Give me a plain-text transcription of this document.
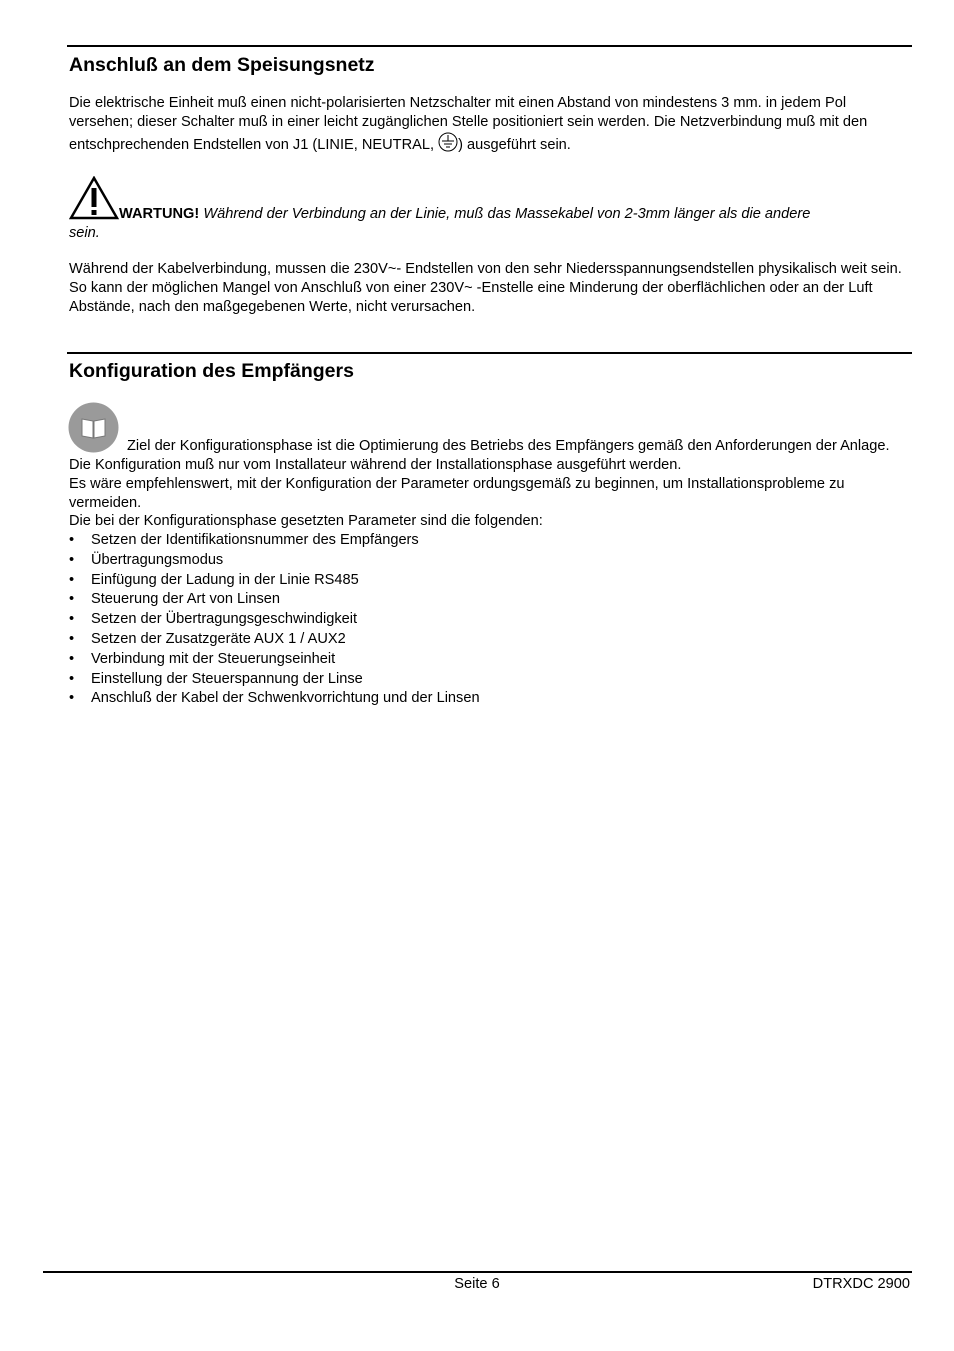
Anschluß an dem Speisungsnetz

Die elektrische Einheit muß einen nicht-polarisierten Netzschalter mit einen Abstand von mindestens 3 mm. in jedem Pol versehen; dieser Schalter muß in einer leicht zugänglichen Stelle positioniert sein werden. Die Netzverbindung muß mit den entschprechenden Endstellen von J1 (LINIE, NEUTRAL, ) ausgeführt sein.

WARTUNG! Während der Verbindung an der Linie, muß das Massekabel von 2-3mm länger als die andere
sein.

Während der Kabelverbindung, mussen die 230V~- Endstellen von den sehr Niedersspannungsendstellen physikalisch weit sein. So kann der möglichen Mangel von Anschluß von einer 230V~ -Enstelle eine Minderung der oberflächlichen oder an der Luft Abstände, nach den maßgegebenen Werte, nicht verursachen.

Konfiguration des Empfängers

Ziel der Konfigurationsphase ist die Optimierung des Betriebs des Empfängers gemäß den Anforderungen der Anlage. Die Konfiguration muß nur vom Installateur während der Installationsphase ausgeführt werden.

Es wäre empfehlenswert, mit der Konfiguration der Parameter ordungsgemäß zu beginnen, um Installationsprobleme zu vermeiden.

Die bei der Konfigurationsphase gesetzten Parameter sind die folgenden:

• Setzen der Identifikationsnummer des Empfängers
• Übertragungsmodus
• Einfügung der Ladung in der Linie RS485
• Steuerung der Art von Linsen
• Setzen der Übertragungsgeschwindigkeit
• Setzen der Zusatzgeräte AUX 1 / AUX2
• Verbindung mit der Steuerungseinheit
• Einstellung der Steuerspannung der Linse
• Anschluß der Kabel der Schwenkvorrichtung und der Linsen
Seite 6	DTRXDC 2900
